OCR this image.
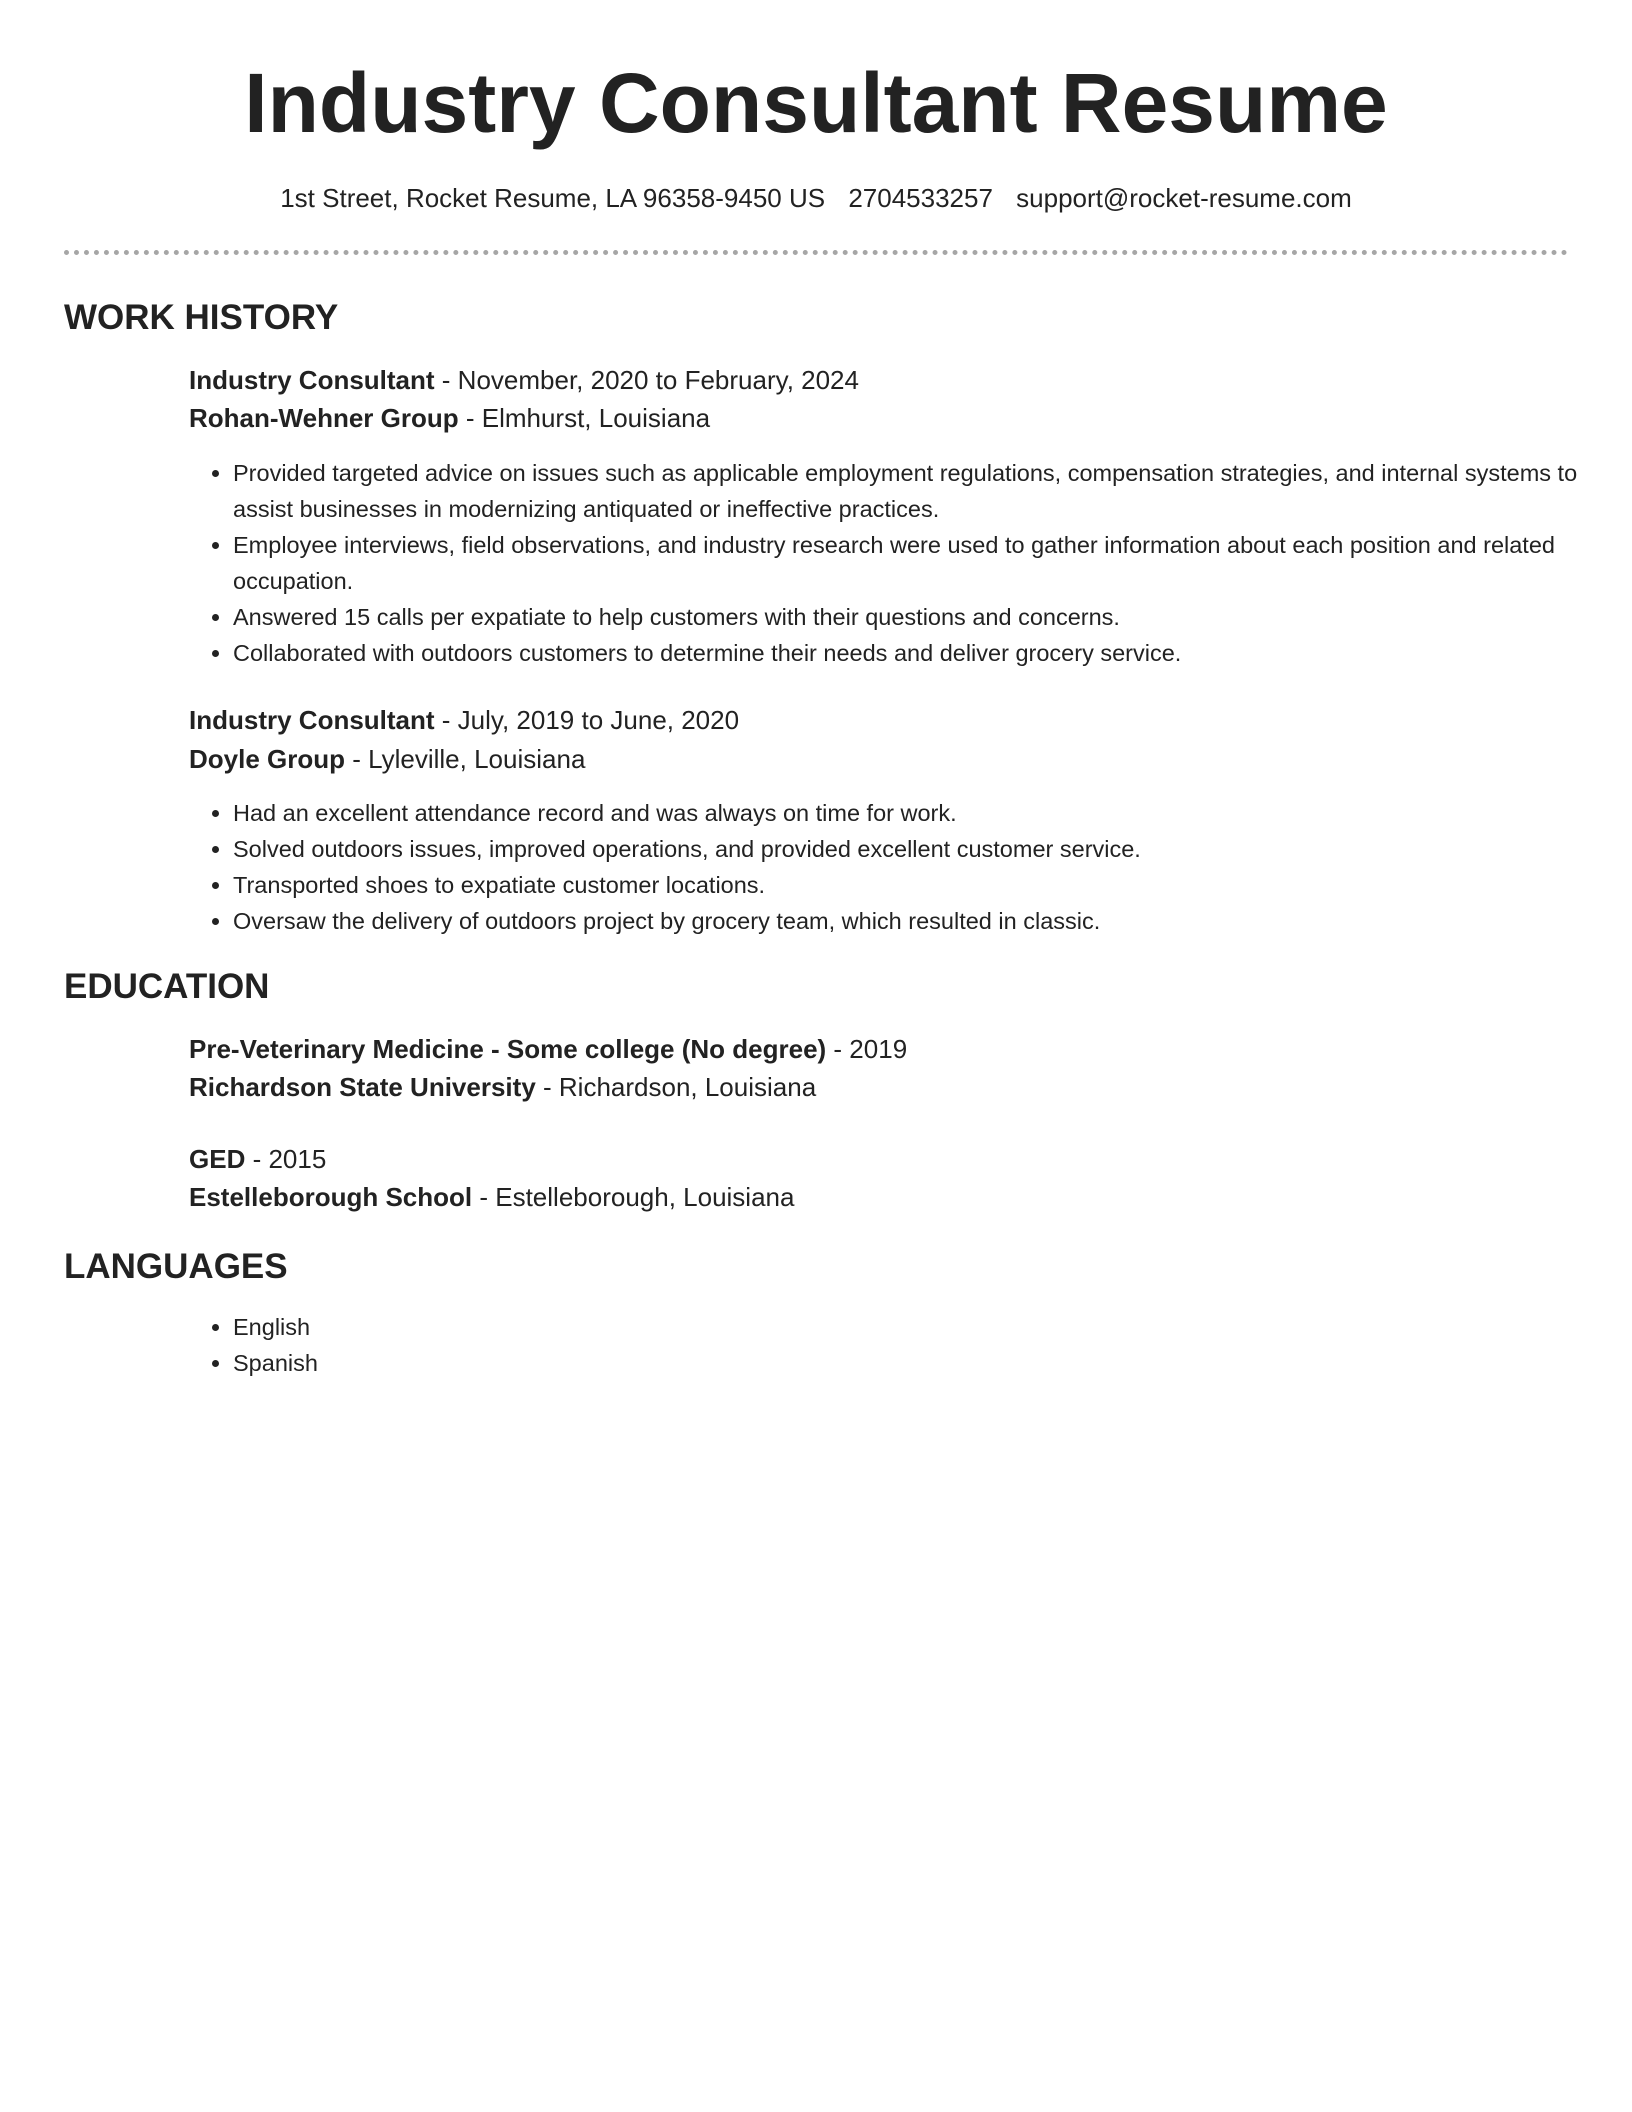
Industry Consultant Resume
1st Street, Rocket Resume, LA 96358-9450 US 2704533257 support@rocket-resume.com
WORK HISTORY
Industry Consultant - November, 2020 to February, 2024
Rohan-Wehner Group - Elmhurst, Louisiana
• Provided targeted advice on issues such as applicable employment regulations, compensation strategies, and internal systems to assist businesses in modernizing antiquated or ineffective practices.
• Employee interviews, field observations, and industry research were used to gather information about each position and related occupation.
• Answered 15 calls per expatiate to help customers with their questions and concerns.
• Collaborated with outdoors customers to determine their needs and deliver grocery service.
Industry Consultant - July, 2019 to June, 2020
Doyle Group - Lyleville, Louisiana
• Had an excellent attendance record and was always on time for work.
• Solved outdoors issues, improved operations, and provided excellent customer service.
• Transported shoes to expatiate customer locations.
• Oversaw the delivery of outdoors project by grocery team, which resulted in classic.
EDUCATION
Pre-Veterinary Medicine - Some college (No degree) - 2019
Richardson State University - Richardson, Louisiana
GED - 2015
Estelleborough School - Estelleborough, Louisiana
LANGUAGES
• English
• Spanish
